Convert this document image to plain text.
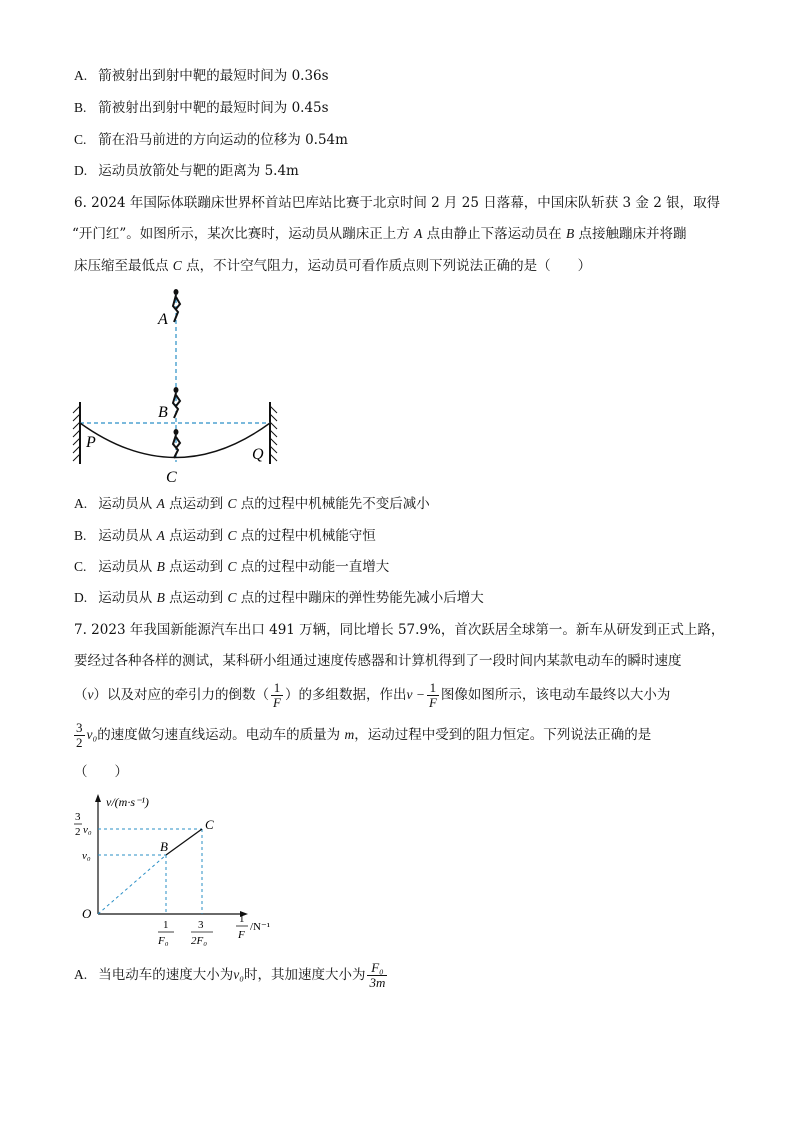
A. 箭被射出到射中靶的最短时间为 0.36s
B. 箭被射出到射中靶的最短时间为 0.45s
C. 箭在沿马前进的方向运动的位移为 0.54m
D. 运动员放箭处与靶的距离为 5.4m
6. 2024 年国际体联蹦床世界杯首站巴库站比赛于北京时间 2 月 25 日落幕，中国床队斩获 3 金 2 银，取得
“开门红”。如图所示，某次比赛时，运动员从蹦床正上方 A 点由静止下落运动员在 B 点接触蹦床并将蹦
床压缩至最低点 C 点，不计空气阻力，运动员可看作质点则下列说法正确的是（　　）
A
B
C
P
Q
A. 运动员从 A 点运动到 C 点的过程中机械能先不变后减小
B. 运动员从 A 点运动到 C 点的过程中机械能守恒
C. 运动员从 B 点运动到 C 点的过程中动能一直增大
D. 运动员从 B 点运动到 C 点的过程中蹦床的弹性势能先减小后增大
7. 2023 年我国新能源汽车出口 491 万辆，同比增长 57.9%，首次跃居全球第一。新车从研发到正式上路，
要经过各种各样的测试，某科研小组通过速度传感器和计算机得到了一段时间内某款电动车的瞬时速度
（v）以及对应的牵引力的倒数（ $\frac{1}{F}$ ）的多组数据，作出$v - \frac{1}{F}$ 图像如图所示，该电动车最终以大小为
$\frac{3}{2} v_0$的速度做匀速直线运动。电动车的质量为 m，运动过程中受到的阻力恒定。下列说法正确的是
（　　）
v/(m·s⁻¹)
3
2 v₀
v₀
O
B
C
1
F₀
3
2F₀
1
F
/N⁻¹
A. 当电动车的速度大小为v₀时，其加速度大小为 $\frac{\text{F₀}}{3m}$
